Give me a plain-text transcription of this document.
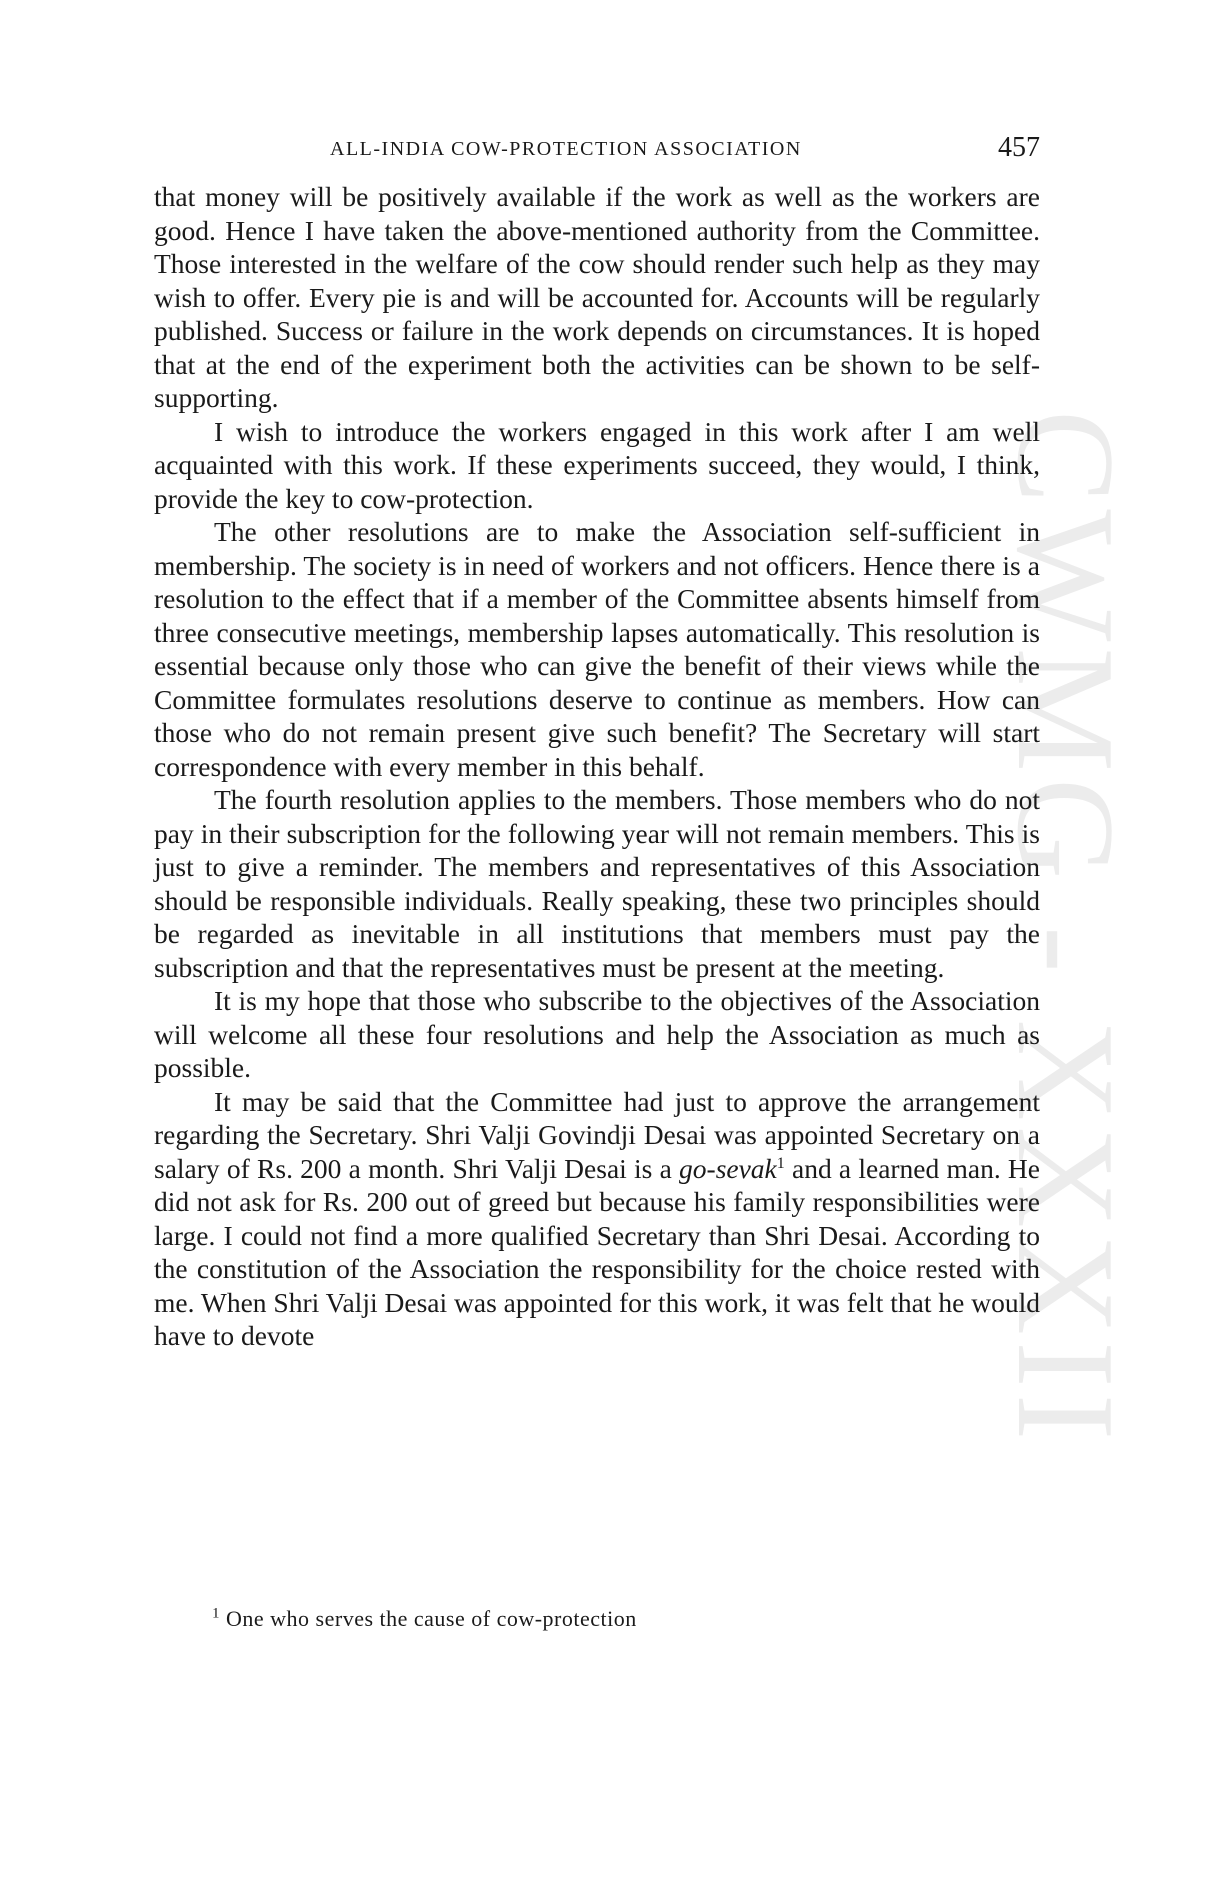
CWMG - XXXII
ALL-INDIA COW-PROTECTION ASSOCIATION	457

that money will be positively available if the work as well as the workers are good. Hence I have taken the above-mentioned authority from the Committee. Those interested in the welfare of the cow should render such help as they may wish to offer. Every pie is and will be accounted for. Accounts will be regularly published. Success or failure in the work depends on circumstances. It is hoped that at the end of the experiment both the activities can be shown to be self-supporting.

I wish to introduce the workers engaged in this work after I am well acquainted with this work. If these experiments succeed, they would, I think, provide the key to cow-protection.

The other resolutions are to make the Association self-sufficient in membership. The society is in need of workers and not officers. Hence there is a resolution to the effect that if a member of the Committee absents himself from three consecutive meetings, membership lapses automatically. This resolution is essential because only those who can give the benefit of their views while the Committee formulates resolutions deserve to continue as members. How can those who do not remain present give such benefit? The Secretary will start correspondence with every member in this behalf.

The fourth resolution applies to the members. Those members who do not pay in their subscription for the following year will not remain members. This is just to give a reminder. The members and representatives of this Association should be responsible individuals. Really speaking, these two principles should be regarded as inevitable in all institutions that members must pay the subscription and that the representatives must be present at the meeting.

It is my hope that those who subscribe to the objectives of the Association will welcome all these four resolutions and help the Association as much as possible.

It may be said that the Committee had just to approve the arrangement regarding the Secretary. Shri Valji Govindji Desai was appointed Secretary on a salary of Rs. 200 a month. Shri Valji Desai is a go-sevak$^1$ and a learned man. He did not ask for Rs. 200 out of greed but because his family responsibilities were large. I could not find a more qualified Secretary than Shri Desai. According to the constitution of the Association the responsibility for the choice rested with me. When Shri Valji Desai was appointed for this work, it was felt that he would have to devote

$^1$ One who serves the cause of cow-protection
